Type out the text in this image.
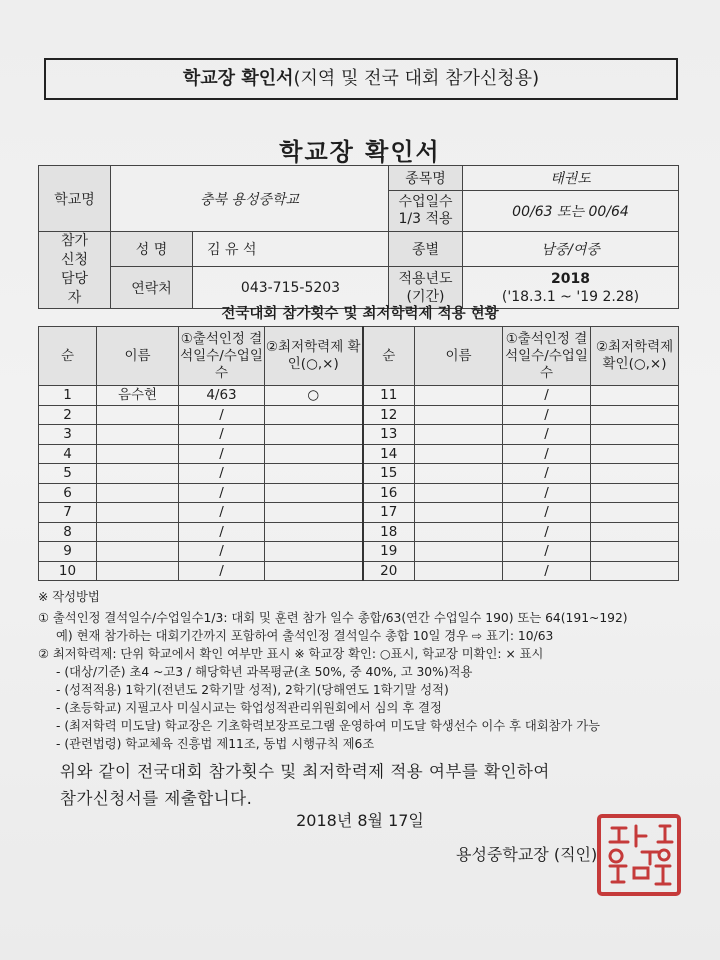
학교장 확인서(지역 및 전국 대회 참가신청용)
학교장 확인서
학교명	충북 용성중학교		종목명	태권도
			수업일수 1/3 적용	00/63 또는 00/64
참가 신청 담당자	성 명	김 유 석	종별	남중/여중
	연락처	043-715-5203	적용년도 (기간)	2018
('18.3.1 ~ '19 2.28)
전국대회 참가횟수 및 최저학력제 적용 현황
순	이름	①출석인정 결석일수/수업일수	②최저학력제 확인(○,×)	순	이름	①출석인정 결석일수/수업일수	②최저학력제 확인(○,×)
1	음수현	4/63	○	11		/	
2		/		12		/	
3		/		13		/	
4		/		14		/	
5		/		15		/	
6		/		16		/	
7		/		17		/	
8		/		18		/	
9		/		19		/	
10		/		20		/	
※ 작성방법
① 출석인정 결석일수/수업일수1/3: 대회 및 훈련 참가 일수 총합/63(연간 수업일수 190) 또는 64(191~192)
예) 현재 참가하는 대회기간까지 포함하여 출석인정 결석일수 총합 10일 경우 ⇨ 표기: 10/63
② 최저학력제: 단위 학교에서 확인 여부만 표시 ※ 학교장 확인: ○표시, 학교장 미확인: × 표시
- (대상/기준) 초4 ~고3 / 해당학년 과목평균(초 50%, 중 40%, 고 30%)적용
- (성적적용) 1학기(전년도 2학기말 성적), 2학기(당해연도 1학기말 성적)
- (초등학교) 지필고사 미실시교는 학업성적관리위원회에서 심의 후 결정
- (최저학력 미도달) 학교장은 기초학력보장프로그램 운영하여 미도달 학생선수 이수 후 대회참가 가능
- (관련법령) 학교체육 진흥법 제11조, 동법 시행규칙 제6조
위와 같이 전국대회 참가횟수 및 최저학력제 적용 여부를 확인하여
참가신청서를 제출합니다.
2018년 8월 17일
용성중학교장 (직인)
